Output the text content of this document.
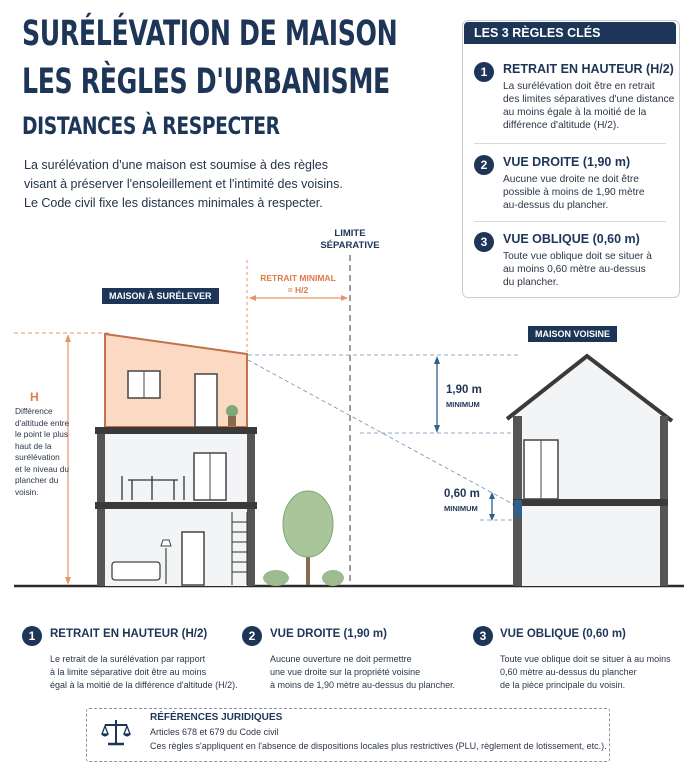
SURÉLÉVATION DE MAISON
LES RÈGLES D'URBANISME
DISTANCES À RESPECTER
La surélévation d'une maison est soumise à des règles
visant à préserver l'ensoleillement et l'intimité des voisins.
Le Code civil fixe les distances minimales à respecter.
LES 3 RÈGLES CLÉS
1	RETRAIT EN HAUTEUR (H/2)
La surélévation doit être en retrait
des limites séparatives d'une distance
au moins égale à la moitié de la
différence d'altitude (H/2).
2	VUE DROITE (1,90 m)
Aucune vue droite ne doit être
possible à moins de 1,90 mètre
au-dessus du plancher.
3	VUE OBLIQUE (0,60 m)
Toute vue oblique doit se situer à
au moins 0,60 mètre au-dessus
du plancher.
LIMITE
SÉPARATIVE
RETRAIT MINIMAL
= H/2
MAISON À SURÉLEVER
MAISON VOISINE
H
Différence
d'altitude entre
le point le plus
haut de la
surélévation
et le niveau du
plancher du
voisin.
1,90 m
MINIMUM
0,60 m
MINIMUM
1	RETRAIT EN HAUTEUR (H/2)
Le retrait de la surélévation par rapport
à la limite séparative doit être au moins
égal à la moitié de la différence d'altitude (H/2).
2	VUE DROITE (1,90 m)
Aucune ouverture ne doit permettre
une vue droite sur la propriété voisine
à moins de 1,90 mètre au-dessus du plancher.
3	VUE OBLIQUE (0,60 m)
Toute vue oblique doit se situer à au moins
0,60 mètre au-dessus du plancher
de la pièce principale du voisin.
RÉFÉRENCES JURIDIQUES
Articles 678 et 679 du Code civil
Ces règles s'appliquent en l'absence de dispositions locales plus restrictives (PLU, règlement de lotissement, etc.).
